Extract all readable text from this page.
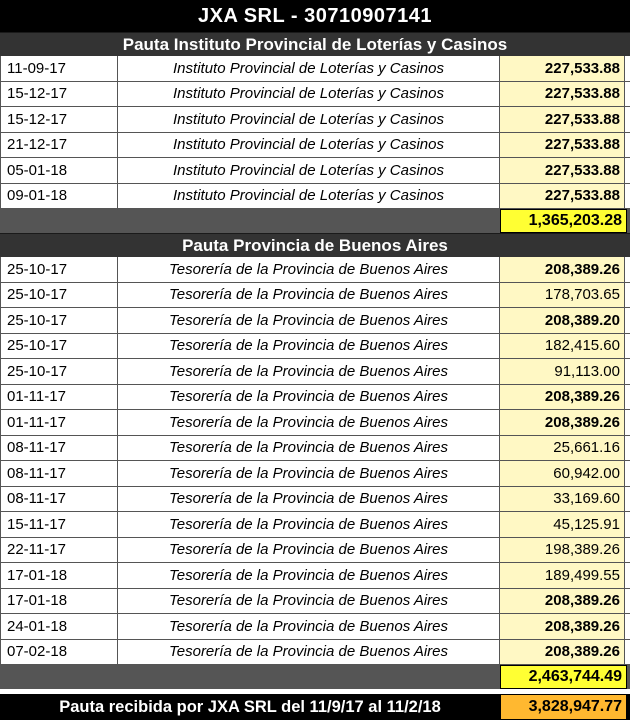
JXA SRL - 30710907141
Pauta Instituto Provincial de Loterías y Casinos
11-09-17	Instituto Provincial de Loterías y Casinos	227,533.88
15-12-17	Instituto Provincial de Loterías y Casinos	227,533.88
15-12-17	Instituto Provincial de Loterías y Casinos	227,533.88
21-12-17	Instituto Provincial de Loterías y Casinos	227,533.88
05-01-18	Instituto Provincial de Loterías y Casinos	227,533.88
09-01-18	Instituto Provincial de Loterías y Casinos	227,533.88
1,365,203.28
Pauta Provincia de Buenos Aires
25-10-17	Tesorería de la Provincia de Buenos Aires	208,389.26
25-10-17	Tesorería de la Provincia de Buenos Aires	178,703.65
25-10-17	Tesorería de la Provincia de Buenos Aires	208,389.20
25-10-17	Tesorería de la Provincia de Buenos Aires	182,415.60
25-10-17	Tesorería de la Provincia de Buenos Aires	91,113.00
01-11-17	Tesorería de la Provincia de Buenos Aires	208,389.26
01-11-17	Tesorería de la Provincia de Buenos Aires	208,389.26
08-11-17	Tesorería de la Provincia de Buenos Aires	25,661.16
08-11-17	Tesorería de la Provincia de Buenos Aires	60,942.00
08-11-17	Tesorería de la Provincia de Buenos Aires	33,169.60
15-11-17	Tesorería de la Provincia de Buenos Aires	45,125.91
22-11-17	Tesorería de la Provincia de Buenos Aires	198,389.26
17-01-18	Tesorería de la Provincia de Buenos Aires	189,499.55
17-01-18	Tesorería de la Provincia de Buenos Aires	208,389.26
24-01-18	Tesorería de la Provincia de Buenos Aires	208,389.26
07-02-18	Tesorería de la Provincia de Buenos Aires	208,389.26
2,463,744.49
Pauta recibida por JXA SRL del 11/9/17 al 11/2/18	3,828,947.77
